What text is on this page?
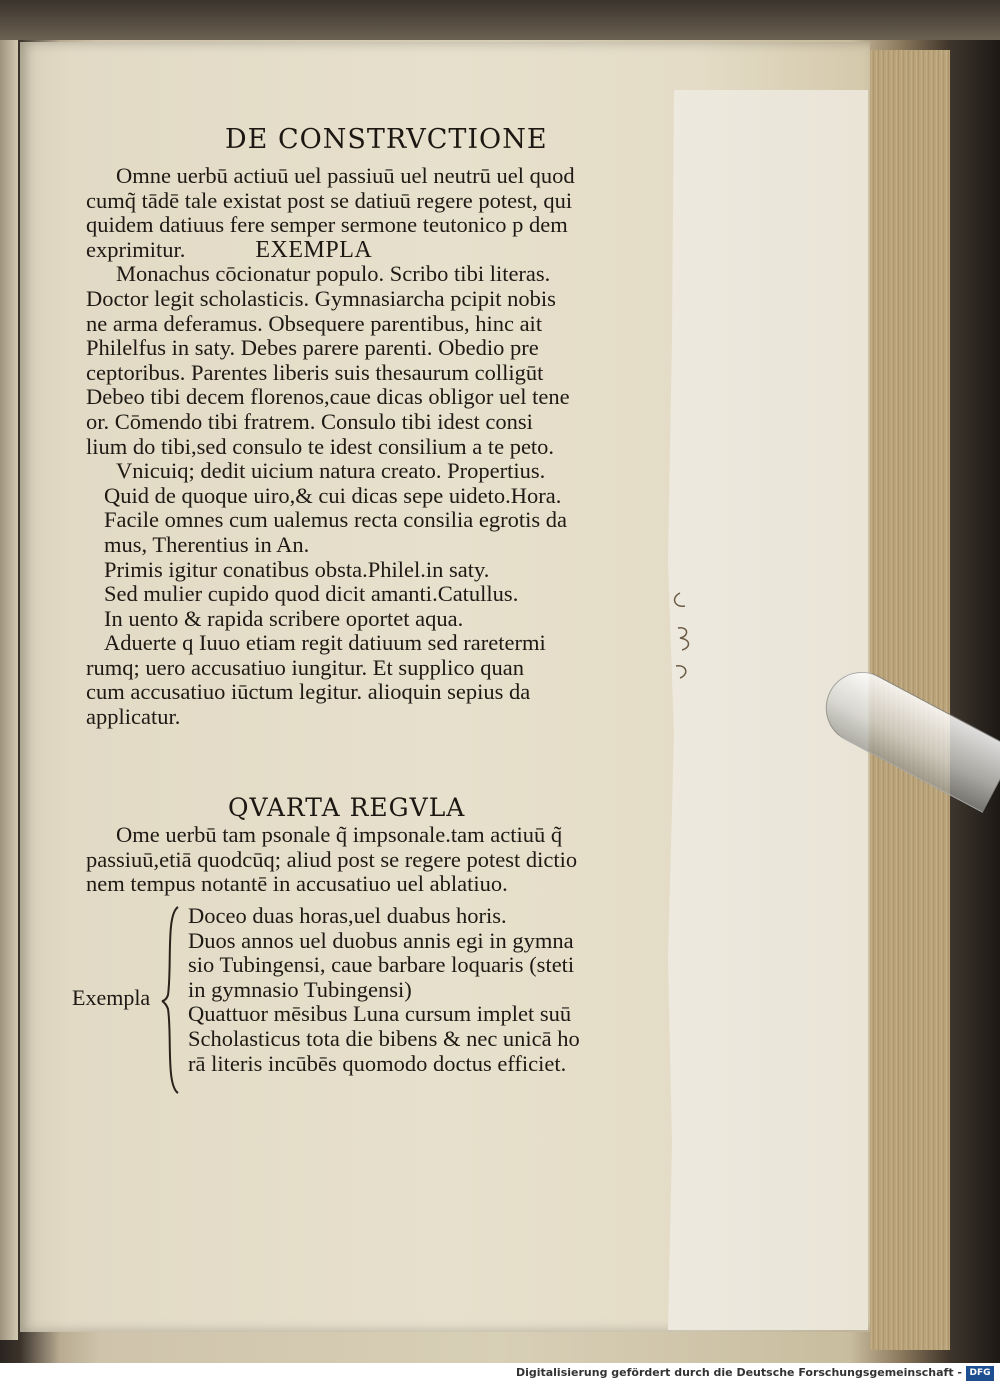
DE CONSTRVCTIONE
Omne uerbū actiuū uel passiuū uel neutrū uel quod
cumq̃ tādē tale existat post se datiuū regere potest, qui
quidem datiuus fere semper sermone teutonico p dem
exprimitur.	EXEMPLA
Monachus cōcionatur populo. Scribo tibi literas.
Doctor legit scholasticis. Gymnasiarcha pcipit nobis
ne arma deferamus. Obsequere parentibus, hinc ait
Philelfus in saty. Debes parere parenti. Obedio pre
ceptoribus. Parentes liberis suis thesaurum colligūt
Debeo tibi decem florenos,caue dicas obligor uel tene
or. Cōmendo tibi fratrem. Consulo tibi idest consi
lium do tibi,sed consulo te idest consilium a te peto.
Vnicuiq; dedit uicium natura creato. Propertius.
Quid de quoque uiro,& cui dicas sepe uideto.Hora.
Facile omnes cum ualemus recta consilia egrotis da
mus, Therentius in An.
Primis igitur conatibus obsta.Philel.in saty.
Sed mulier cupido quod dicit amanti.Catullus.
In uento & rapida scribere oportet aqua.
Aduerte q Iuuo etiam regit datiuum sed raretermi
rumq; uero accusatiuo iungitur. Et supplico quan
cum accusatiuo iūctum legitur. alioquin sepius da
applicatur.
QVARTA REGVLA
Ome uerbū tam psonale q̃ impsonale.tam actiuū q̃
passiuū,etiā quodcūq; aliud post se regere potest dictio
nem tempus notantē in accusatiuo uel ablatiuo.
Exempla
Doceo duas horas,uel duabus horis.
Duos annos uel duobus annis egi in gymna
sio Tubingensi, caue barbare loquaris (steti
in gymnasio Tubingensi)
Quattuor mēsibus Luna cursum implet suū
Scholasticus tota die bibens & nec unicā ho
rā literis incūbēs quomodo doctus efficiet.
Digitalisierung gefördert durch die Deutsche Forschungsgemeinschaft - DFG
